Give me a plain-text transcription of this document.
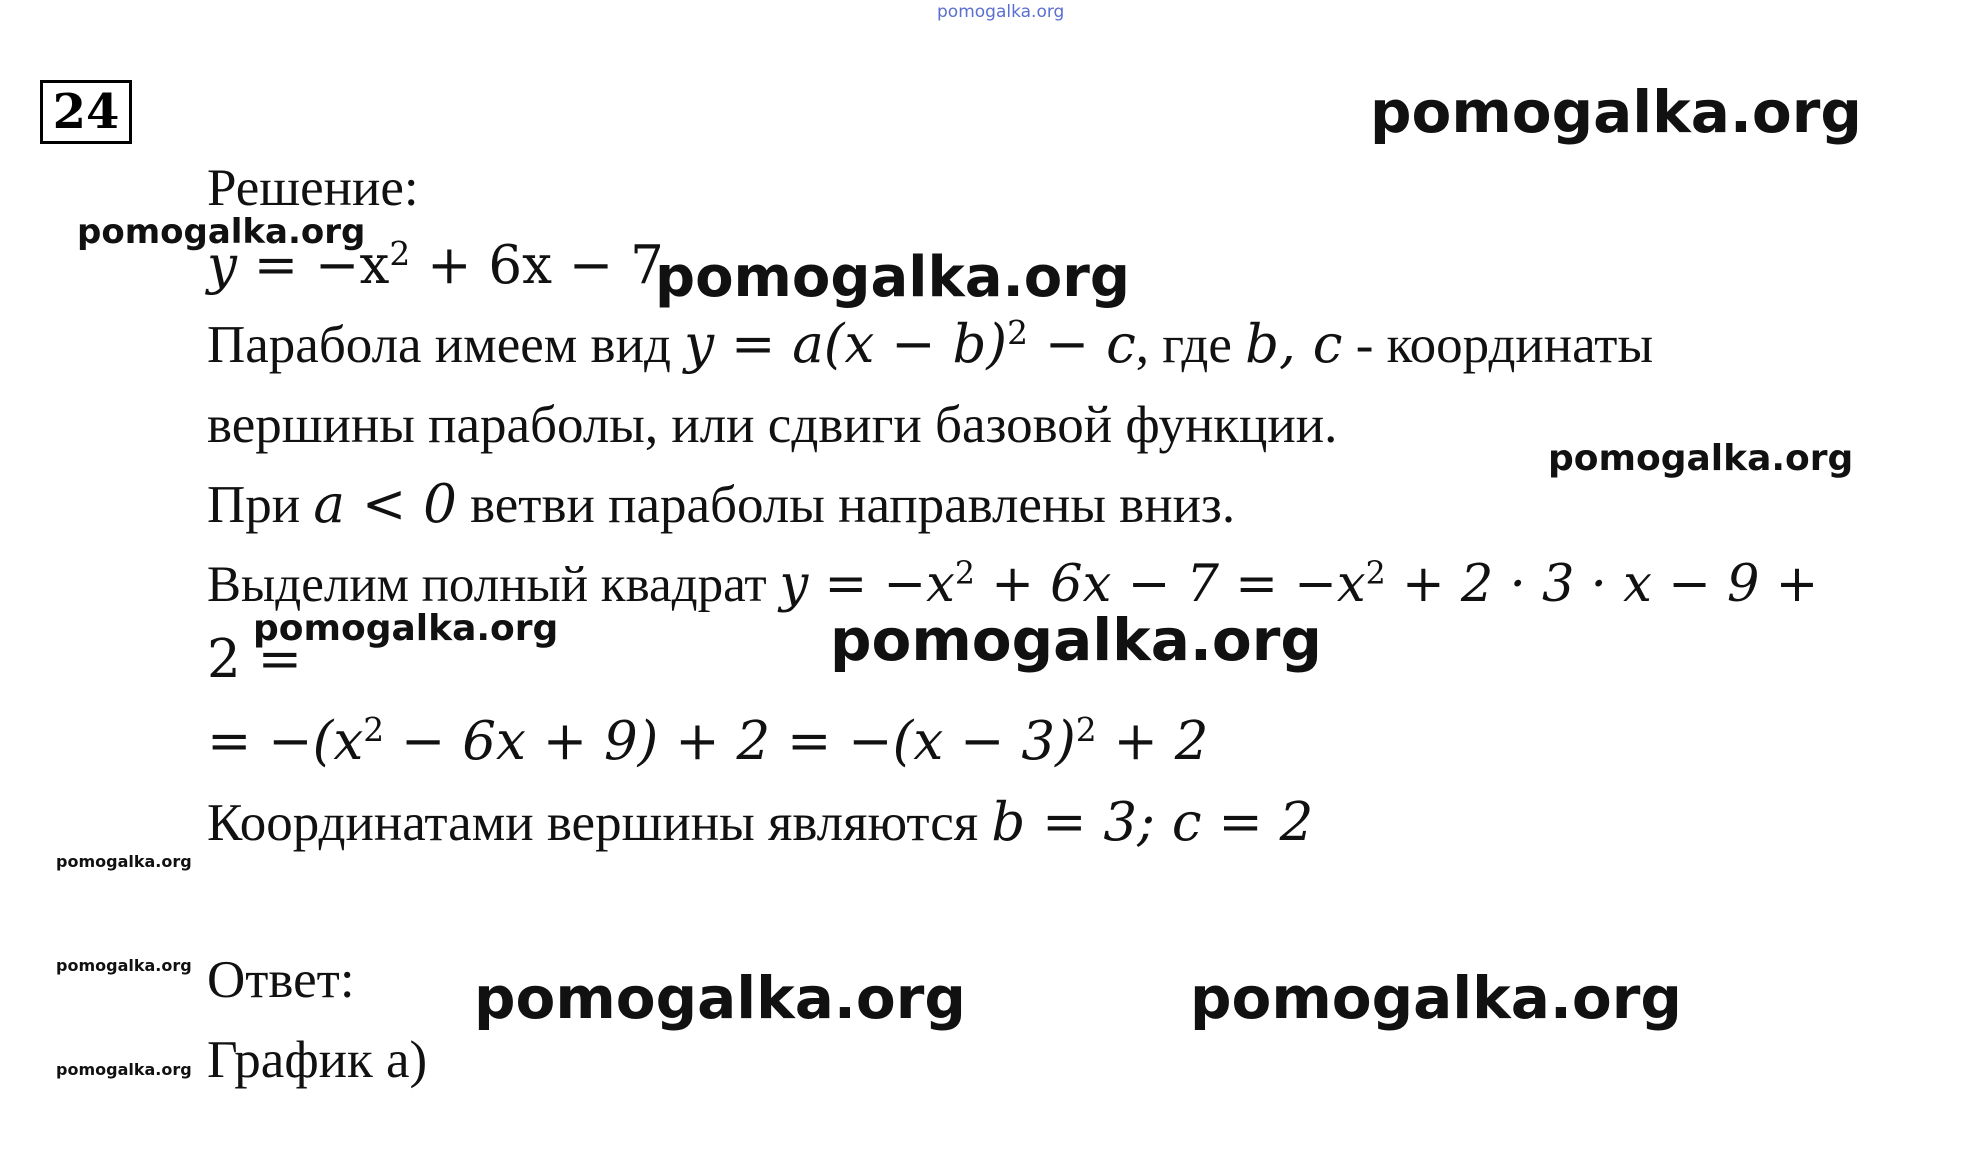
pomogalka.org
24	pomogalka.org
Решение:
pomogalka.org
$y = -x^2 + 6x - 7$
pomogalka.org
Парабола имеем вид $y = a(x - b)^2 - c$, где b, c - координаты
вершины параболы, или сдвиги базовой функции.
pomogalka.org
При a < 0 ветви параболы направлены вниз.
Выделим полный квадрат $y = -x^2 + 6x - 7 = -x^2 + 2 \cdot 3 \cdot x - 9$ +
2 =
pomogalka.org	pomogalka.org
= $-(x^2 - 6x + 9) + 2 = -(x - 3)^2 + 2$
Координатами вершины являются b = 3; c = 2
pomogalka.org
Ответ:
pomogalka.org	pomogalka.org	pomogalka.org
График а)
pomogalka.org
